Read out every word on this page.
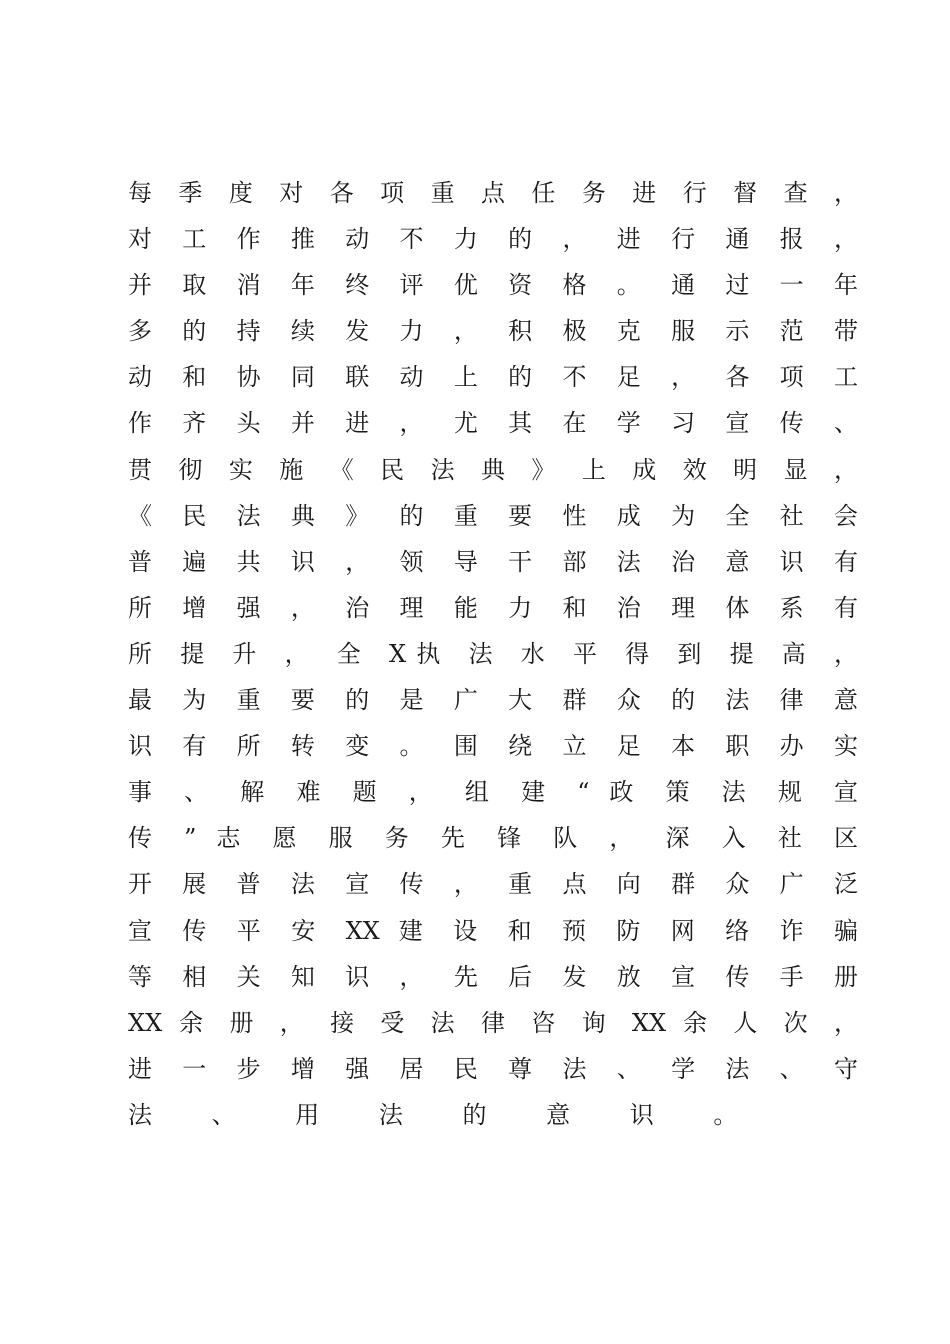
每 季 度 对 各 项 重 点 任 务 进 行 督 查 ，
对 工 作 推 动 不 力 的 ， 进 行 通 报 ，
并 取 消 年 终 评 优 资 格 。 通 过 一 年
多 的 持 续 发 力 ， 积 极 克 服 示 范 带
动 和 协 同 联 动 上 的 不 足 ， 各 项 工
作 齐 头 并 进 ， 尤 其 在 学 习 宣 传 、
贯 彻 实 施 《 民 法 典 》 上 成 效 明 显 ，
《 民 法 典 》 的 重 要 性 成 为 全 社 会
普 遍 共 识 ， 领 导 干 部 法 治 意 识 有
所 增 强 ， 治 理 能 力 和 治 理 体 系 有
所 提 升 ， 全 X执 法 水 平 得 到 提 高 ，
最 为 重 要 的 是 广 大 群 众 的 法 律 意
识 有 所 转 变 。 围 绕 立 足 本 职 办 实
事 、 解 难 题 ， 组 建 “ 政 策 法 规 宣
传 ” 志 愿 服 务 先 锋 队 ， 深 入 社 区
开 展 普 法 宣 传 ， 重 点 向 群 众 广 泛
宣 传 平 安 XX 建 设 和 预 防 网 络 诈 骗
等 相 关 知 识 ， 先 后 发 放 宣 传 手 册
XX 余 册 ， 接 受 法 律 咨 询 XX 余 人 次 ，
进 一 步 增 强 居 民 尊 法 、 学 法 、 守
法 、 用 法 的 意 识 。
